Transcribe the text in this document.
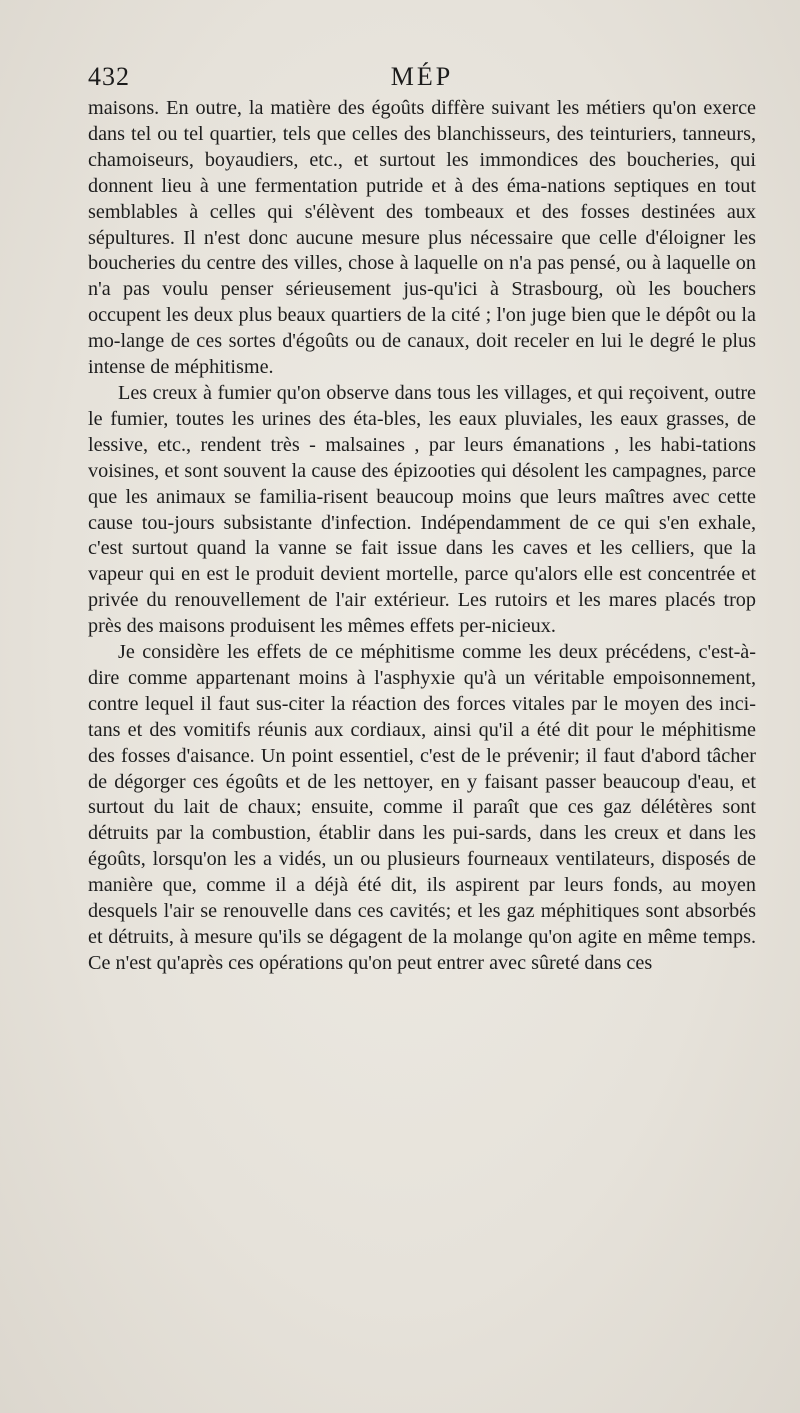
432	MÉP

maisons. En outre, la matière des égoûts diffère suivant les métiers qu'on exerce dans tel ou tel quartier, tels que celles des blanchisseurs, des teinturiers, tanneurs, chamoiseurs, boyaudiers, etc., et surtout les immondices des boucheries, qui donnent lieu à une fermentation putride et à des éma-nations septiques en tout semblables à celles qui s'élèvent des tombeaux et des fosses destinées aux sépultures. Il n'est donc aucune mesure plus nécessaire que celle d'éloigner les boucheries du centre des villes, chose à laquelle on n'a pas pensé, ou à laquelle on n'a pas voulu penser sérieusement jus-qu'ici à Strasbourg, où les bouchers occupent les deux plus beaux quartiers de la cité ; l'on juge bien que le dépôt ou la mo-lange de ces sortes d'égoûts ou de canaux, doit receler en lui le degré le plus intense de méphitisme.

Les creux à fumier qu'on observe dans tous les villages, et qui reçoivent, outre le fumier, toutes les urines des éta-bles, les eaux pluviales, les eaux grasses, de lessive, etc., rendent très - malsaines , par leurs émanations , les habi-tations voisines, et sont souvent la cause des épizooties qui désolent les campagnes, parce que les animaux se familia-risent beaucoup moins que leurs maîtres avec cette cause tou-jours subsistante d'infection. Indépendamment de ce qui s'en exhale, c'est surtout quand la vanne se fait issue dans les caves et les celliers, que la vapeur qui en est le produit devient mortelle, parce qu'alors elle est concentrée et privée du renouvellement de l'air extérieur. Les rutoirs et les mares placés trop près des maisons produisent les mêmes effets per-nicieux.

Je considère les effets de ce méphitisme comme les deux précédens, c'est-à-dire comme appartenant moins à l'asphyxie qu'à un véritable empoisonnement, contre lequel il faut sus-citer la réaction des forces vitales par le moyen des inci-tans et des vomitifs réunis aux cordiaux, ainsi qu'il a été dit pour le méphitisme des fosses d'aisance. Un point essentiel, c'est de le prévenir; il faut d'abord tâcher de dégorger ces égoûts et de les nettoyer, en y faisant passer beaucoup d'eau, et surtout du lait de chaux; ensuite, comme il paraît que ces gaz délétères sont détruits par la combustion, établir dans les pui-sards, dans les creux et dans les égoûts, lorsqu'on les a vidés, un ou plusieurs fourneaux ventilateurs, disposés de manière que, comme il a déjà été dit, ils aspirent par leurs fonds, au moyen desquels l'air se renouvelle dans ces cavités; et les gaz méphitiques sont absorbés et détruits, à mesure qu'ils se dégagent de la molange qu'on agite en même temps. Ce n'est qu'après ces opérations qu'on peut entrer avec sûreté dans ces
